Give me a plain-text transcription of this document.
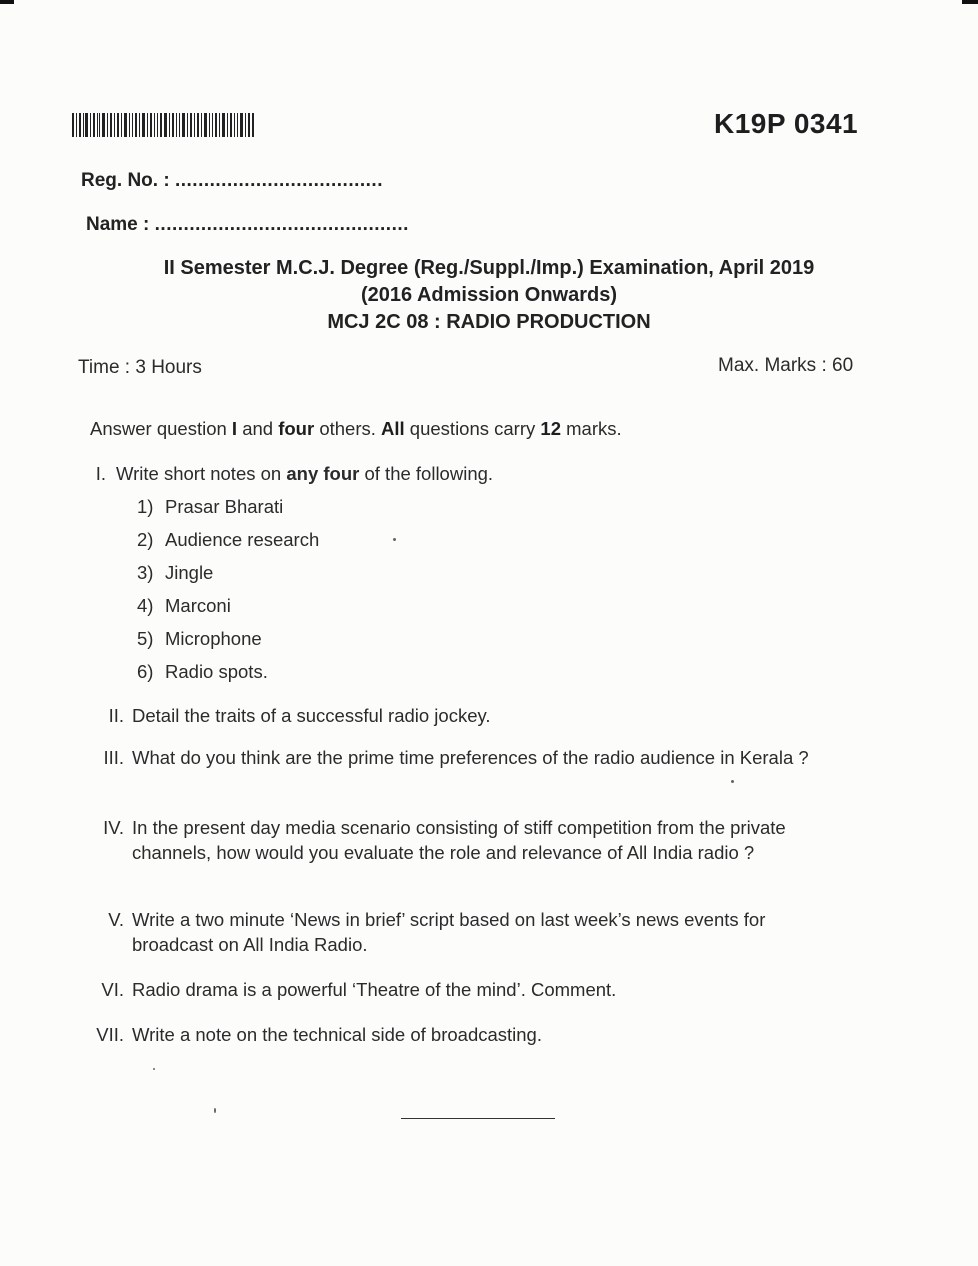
K19P 0341
Reg. No. : ....................................
Name : ............................................
II Semester M.C.J. Degree (Reg./Suppl./Imp.) Examination, April 2019
(2016 Admission Onwards)
MCJ 2C 08 : RADIO PRODUCTION
Time : 3 Hours	Max. Marks : 60
Answer question I and four others. All questions carry 12 marks.
I. Write short notes on any four of the following.
1) Prasar Bharati
2) Audience research
3) Jingle
4) Marconi
5) Microphone
6) Radio spots.
II. Detail the traits of a successful radio jockey.
III. What do you think are the prime time preferences of the radio audience in Kerala ?
IV. In the present day media scenario consisting of stiff competition from the private channels, how would you evaluate the role and relevance of All India radio ?
V. Write a two minute ‘News in brief’ script based on last week’s news events for broadcast on All India Radio.
VI. Radio drama is a powerful ‘Theatre of the mind’. Comment.
VII. Write a note on the technical side of broadcasting.
